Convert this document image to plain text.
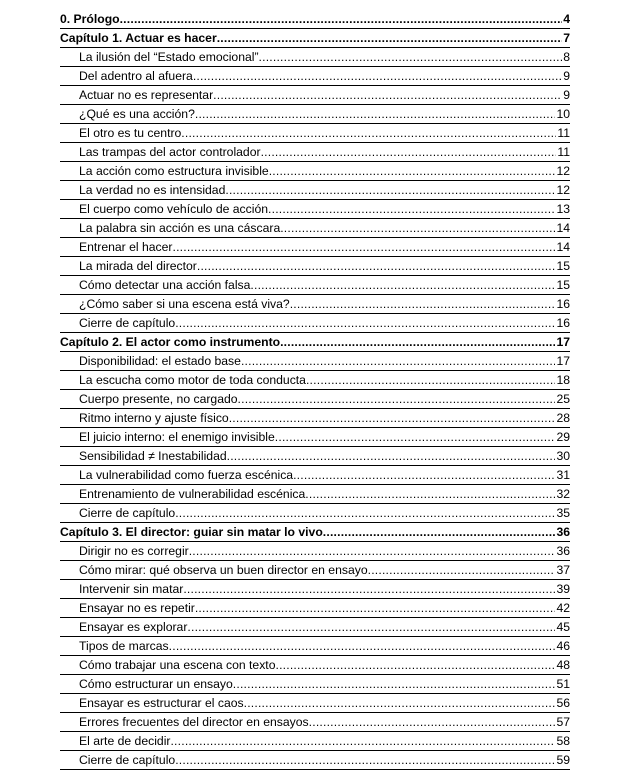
0. Prólogo .....	4
Capítulo 1. Actuar es hacer .....	7
La ilusión del “Estado emocional” .....	8
Del adentro al afuera .....	9
Actuar no es representar .....	9
¿Qué es una acción? .....	10
El otro es tu centro .....	11
Las trampas del actor controlador .....	11
La acción como estructura invisible .....	12
La verdad no es intensidad .....	12
El cuerpo como vehículo de acción .....	13
La palabra sin acción es una cáscara .....	14
Entrenar el hacer .....	14
La mirada del director .....	15
Cómo detectar una acción falsa .....	15
¿Cómo saber si una escena está viva? .....	16
Cierre de capítulo .....	16
Capítulo 2. El actor como instrumento .....	17
Disponibilidad: el estado base .....	17
La escucha como motor de toda conducta .....	18
Cuerpo presente, no cargado .....	25
Ritmo interno y ajuste físico .....	28
El juicio interno: el enemigo invisible .....	29
Sensibilidad ≠ Inestabilidad .....	30
La vulnerabilidad como fuerza escénica .....	31
Entrenamiento de vulnerabilidad escénica .....	32
Cierre de capítulo .....	35
Capítulo 3. El director: guiar sin matar lo vivo .....	36
Dirigir no es corregir .....	36
Cómo mirar: qué observa un buen director en ensayo .....	37
Intervenir sin matar .....	39
Ensayar no es repetir .....	42
Ensayar es explorar .....	45
Tipos de marcas .....	46
Cómo trabajar una escena con texto .....	48
Cómo estructurar un ensayo .....	51
Ensayar es estructurar el caos .....	56
Errores frecuentes del director en ensayos .....	57
El arte de decidir .....	58
Cierre de capítulo .....	59
